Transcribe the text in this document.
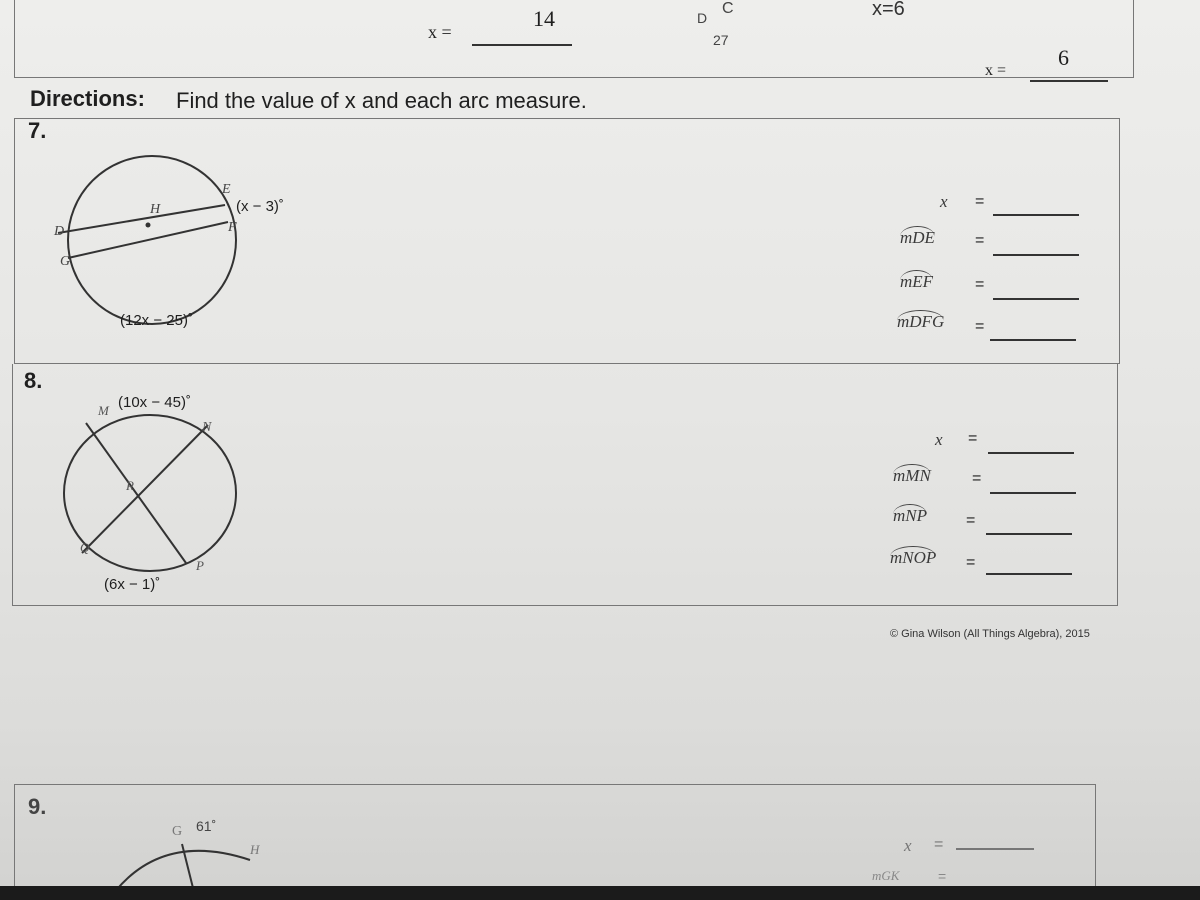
x =
14	D
C
27
x=6
x =
6
Directions: Find the value of x and each arc measure.
7.
E
H
D
G
F
(x − 3)˚
(12x − 25)˚
x =
mDE	=
mEF	=
mDFG =
8.
M
N
R
Q
P
(10x − 45)˚
(6x − 1)˚
x =
mMN	=
mNP =
mNOP =
© Gina Wilson (All Things Algebra), 2015
9.
G 61˚
H	x =
mGK	=
